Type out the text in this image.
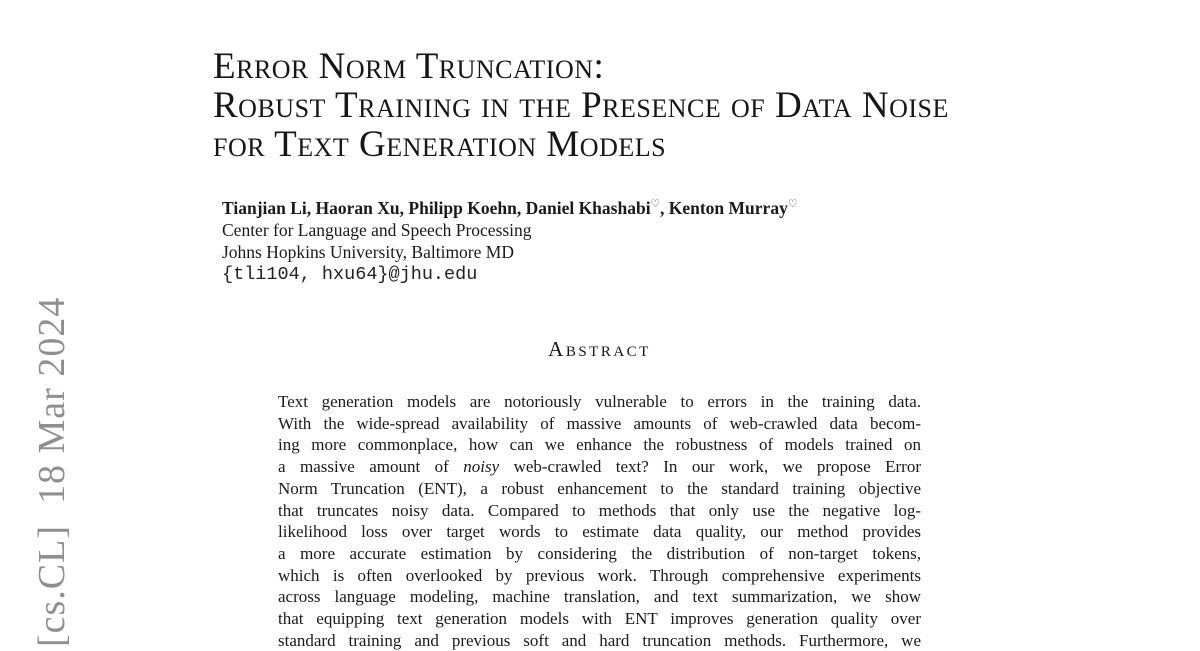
[cs.CL]  18 Mar 2024
Error Norm Truncation:
Robust Training in the Presence of Data Noise
for Text Generation Models
Tianjian Li, Haoran Xu, Philipp Koehn, Daniel Khashabi♡, Kenton Murray♡
Center for Language and Speech Processing
Johns Hopkins University, Baltimore MD
{tli104, hxu64}@jhu.edu
Abstract
Text generation models are notoriously vulnerable to errors in the training data.
With the wide-spread availability of massive amounts of web-crawled data becom-
ing more commonplace, how can we enhance the robustness of models trained on
a massive amount of noisy web-crawled text? In our work, we propose Error
Norm Truncation (ENT), a robust enhancement to the standard training objective
that truncates noisy data. Compared to methods that only use the negative log-
likelihood loss over target words to estimate data quality, our method provides
a more accurate estimation by considering the distribution of non-target tokens,
which is often overlooked by previous work. Through comprehensive experiments
across language modeling, machine translation, and text summarization, we show
that equipping text generation models with ENT improves generation quality over
standard training and previous soft and hard truncation methods. Furthermore, we
